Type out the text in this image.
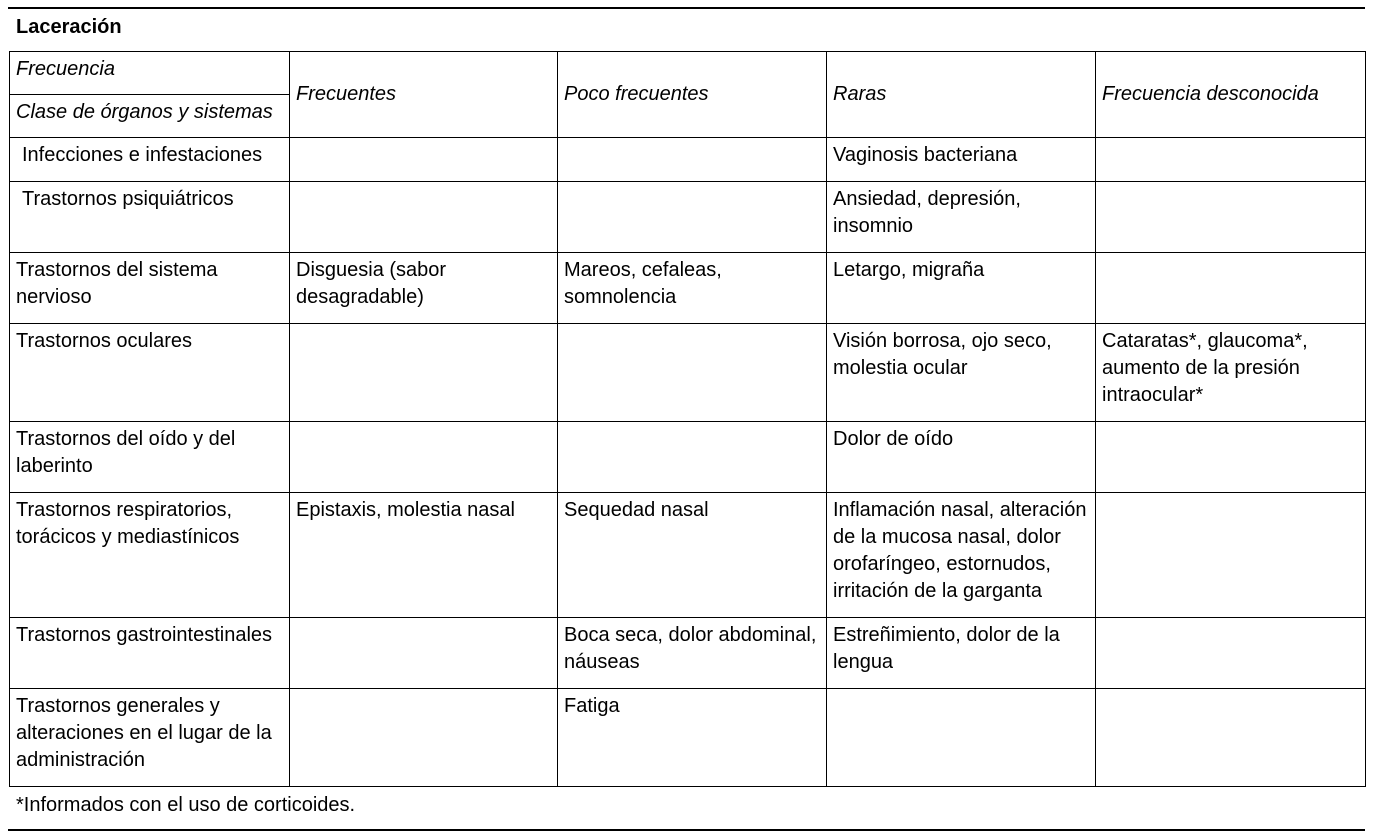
Laceración
Frecuencia	Frecuentes	Poco frecuentes	Raras	Frecuencia desconocida
Clase de órganos y sistemas				
Infecciones e infestaciones			Vaginosis bacteriana	
Trastornos psiquiátricos			Ansiedad, depresión, insomnio	
Trastornos del sistema nervioso	Disguesia (sabor desagradable)	Mareos, cefaleas, somnolencia	Letargo, migraña	
Trastornos oculares			Visión borrosa, ojo seco, molestia ocular	Cataratas*, glaucoma*, aumento de la presión intraocular*
Trastornos del oído y del laberinto			Dolor de oído	
Trastornos respiratorios, torácicos y mediastínicos	Epistaxis, molestia nasal	Sequedad nasal	Inflamación nasal, alteración de la mucosa nasal, dolor orofaríngeo, estornudos, irritación de la garganta	
Trastornos gastrointestinales		Boca seca, dolor abdominal, náuseas	Estreñimiento, dolor de la lengua	
Trastornos generales y alteraciones en el lugar de la administración		Fatiga		
*Informados con el uso de corticoides.
